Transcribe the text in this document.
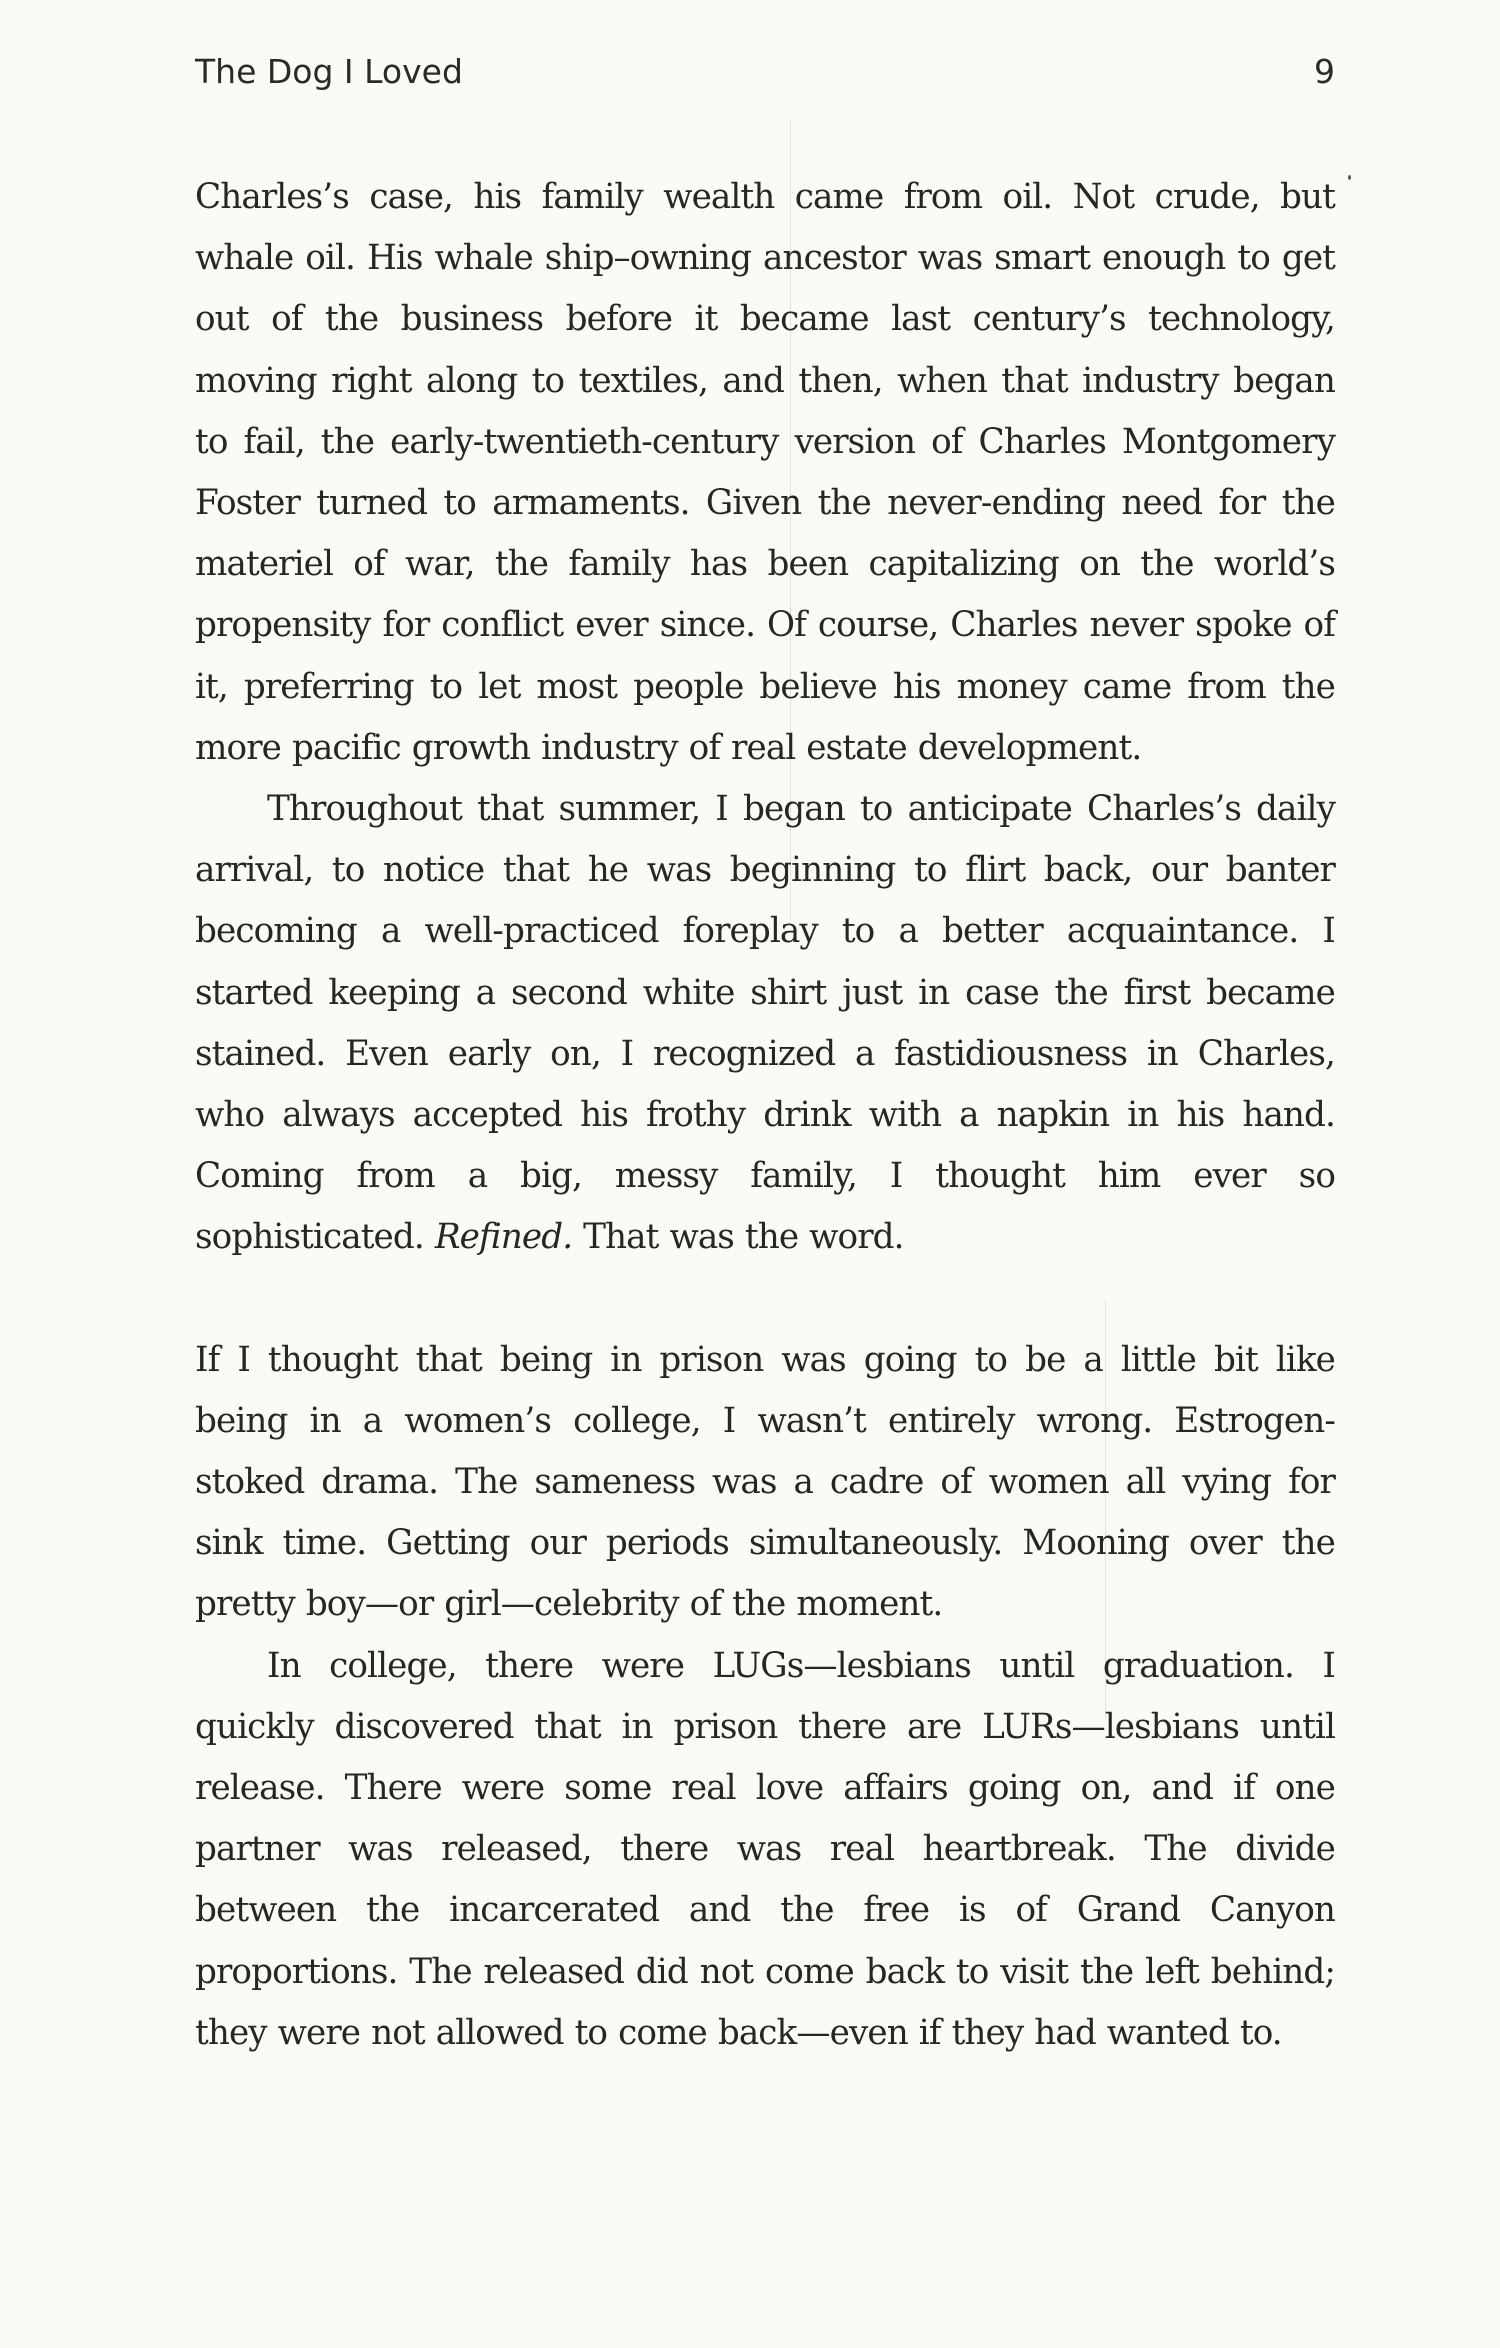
The Dog I Loved	9

Charles’s case, his family wealth came from oil. Not crude, but whale oil. His whale ship–owning ancestor was smart enough to get out of the business before it became last century’s technology, moving right along to textiles, and then, when that industry began to fail, the early-twentieth-century version of Charles Montgomery Foster turned to armaments. Given the never-ending need for the materiel of war, the family has been capitalizing on the world’s propensity for conflict ever since. Of course, Charles never spoke of it, preferring to let most people believe his money came from the more pacific growth industry of real estate development.

Throughout that summer, I began to anticipate Charles’s daily arrival, to notice that he was beginning to flirt back, our banter becoming a well-practiced foreplay to a better acquaintance. I started keeping a second white shirt just in case the first became stained. Even early on, I recognized a fastidiousness in Charles, who always accepted his frothy drink with a napkin in his hand. Coming from a big, messy family, I thought him ever so sophisticated. Refined. That was the word.

If I thought that being in prison was going to be a little bit like being in a women’s college, I wasn’t entirely wrong. Estrogen-stoked drama. The sameness was a cadre of women all vying for sink time. Getting our periods simultaneously. Mooning over the pretty boy—or girl—celebrity of the moment.

In college, there were LUGs—lesbians until graduation. I quickly discovered that in prison there are LURs—lesbians until release. There were some real love affairs going on, and if one partner was released, there was real heartbreak. The divide between the incarcerated and the free is of Grand Canyon proportions. The released did not come back to visit the left behind; they were not allowed to come back—even if they had wanted to.
